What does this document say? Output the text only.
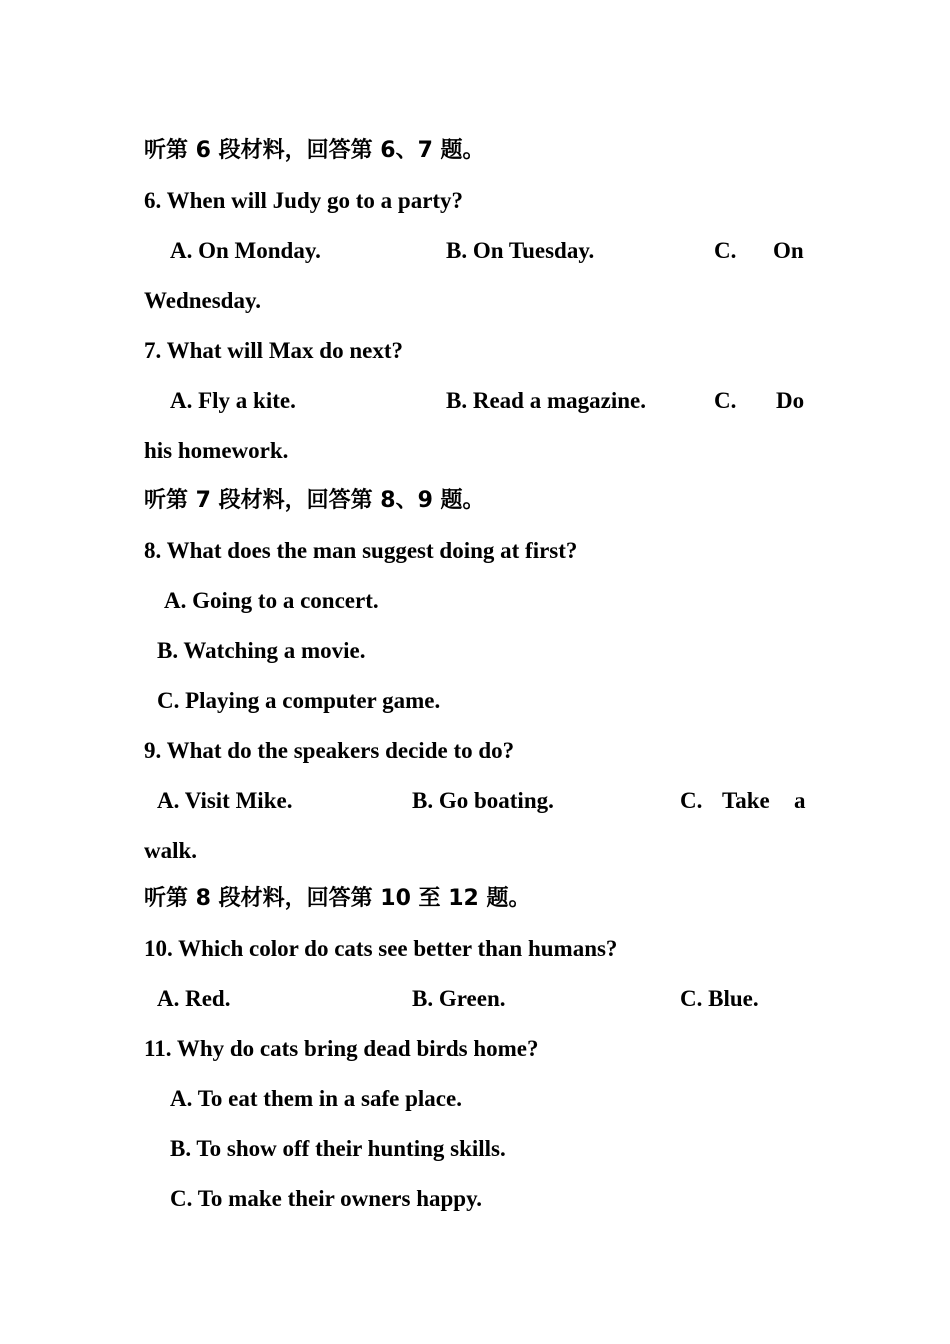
听第 6 段材料，回答第 6、7 题。
6. When will Judy go to a party?
A. On Monday.	B. On Tuesday.	C. On
Wednesday.
7. What will Max do next?
A. Fly a kite.	B. Read a magazine.	C. Do
his homework.
听第 7 段材料，回答第 8、9 题。
8. What does the man suggest doing at first?
A. Going to a concert.
B. Watching a movie.
C. Playing a computer game.
9. What do the speakers decide to do?
A. Visit Mike.	B. Go boating.	C. Take a
walk.
听第 8 段材料，回答第 10 至 12 题。
10. Which color do cats see better than humans?
A. Red.	B. Green.	C. Blue.
11. Why do cats bring dead birds home?
A. To eat them in a safe place.
B. To show off their hunting skills.
C. To make their owners happy.
